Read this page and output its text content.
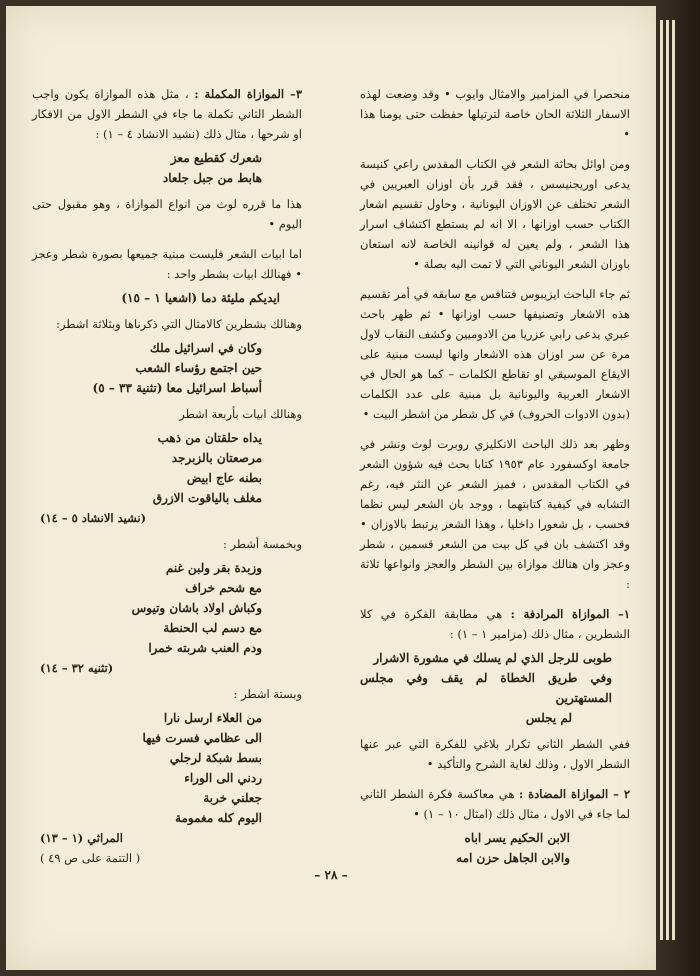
منحصرا في المزامير والامثال وايوب • وقد وضعت لهذه الاسفار الثلاثة الحان خاصة لترتيلها حفظت حتى يومنا هذا •

ومن اوائل بحاثة الشعر في الكتاب المقدس راعي كنيسة يدعى اوريجنيسس ، فقد قرر بأن اوزان العبريين في الشعر تختلف عن الاوزان اليونانية ، وحاول تقسيم اشعار الكتاب حسب اوزانها ، الا انه لم يستطع اكتشاف اسرار هذا الشعر ، ولم يعين له قوانينه الخاصة لانه استعان باوزان الشعر اليوناني التي لا تمت اليه بصلة •

ثم جاء الباحث ايزيبوس فتنافس مع سابقه في أمر تقسيم هذه الاشعار وتصنيفها حسب اوزانها • ثم ظهر باحث عبري يدعى رابي عزريا من الادوميين وكشف النقاب لاول مرة عن سر اوزان هذه الاشعار وانها ليست مبنية على الايقاع الموسيقي او تقاطع الكلمات – كما هو الحال في الاشعار العربية واليونانية بل مبنية على عدد الكلمات (بدون الادوات الحروف) في كل شطر من اشطر البيت •

وظهر بعد ذلك الباحث الانكليزي روبرت لوث ونشر في جامعة اوكسفورد عام ١٩٥٣ كتابا بحث فيه شؤون الشعر في الكتاب المقدس ، فميز الشعر عن النثر فيه، رغم التشابه في كيفية كتابتهما ، ووجد بان الشعر ليس نظما فحسب ، بل شعورا داخليا ، وهذا الشعر يرتبط بالاوزان • وقد اكتشف بان في كل بيت من الشعر قسمين ، شطر وعجز وان هنالك موازاة بين الشطر والعجز وانواعها ثلاثة :

١– الموازاة المرادفة : هي مطابقة الفكرة في كلا الشطرين ، مثال ذلك (مزامير ١ – ١) :

طوبى للرجل الذي لم يسلك في مشورة الاشرار
وفي طريق الخطاة لم يقف وفي مجلس المستهترين
لم يجلس

ففي الشطر الثاني تكرار بلاغي للفكرة التي عبر عنها الشطر الاول ، وذلك لغاية الشرح والتأكيد •

٢ – الموازاة المضادة : هي معاكسة فكرة الشطر الثاني لما جاء في الاول ، مثال ذلك (امثال ١٠ – ١) •

الابن الحكيم يسر اباه
والابن الجاهل حزن امه

٣– الموازاة المكملة : ، مثل هذه الموازاة يكون واجب الشطر الثاني تكملة ما جاء في الشطر الاول من الافكار او شرحها ، مثال ذلك (نشيد الانشاد ٤ – ١) :

شعرك كقطيع معز
هابط من جبل جلعاد

هذا ما قرره لوث من انواع الموازاة ، وهو مقبول حتى اليوم •

اما ابيات الشعر فليست مبنية جميعها بصورة شطر وعجز • فهنالك ابيات بشطر واحد :

ايديكم مليئة دما (اشعيا ١ – ١٥)

وهنالك بشطرين كالامثال التي ذكرناها وبثلاثة اشطر:

وكان في اسرائيل ملك
حين اجتمع رؤساء الشعب
أسباط اسرائيل معا (تثنية ٣٣ – ٥)

وهنالك ابيات بأربعة اشطر

يداه حلقتان من ذهب
مرصعتان بالزبرجد
بطنه عاج ابيض
مغلف بالياقوت الازرق
(نشيد الانشاد ٥ – ١٤)

وبخمسة أشطر :

وزبدة بقر ولبن غنم
مع شحم خراف
وكباش اولاد باشان وتيوس
مع دسم لب الحنطة
ودم العنب شربته خمرا
(تثنيه ٣٢ – ١٤)

وبستة اشطر :

من العلاء ارسل نارا
الى عظامي فسرت فيها
بسط شبكة لرجلي
ردني الى الوراء
جعلني خربة
اليوم كله مغمومة
المراثي (١ – ١٣)
( التتمة على ص ٤٩ )
– ٢٨ –
